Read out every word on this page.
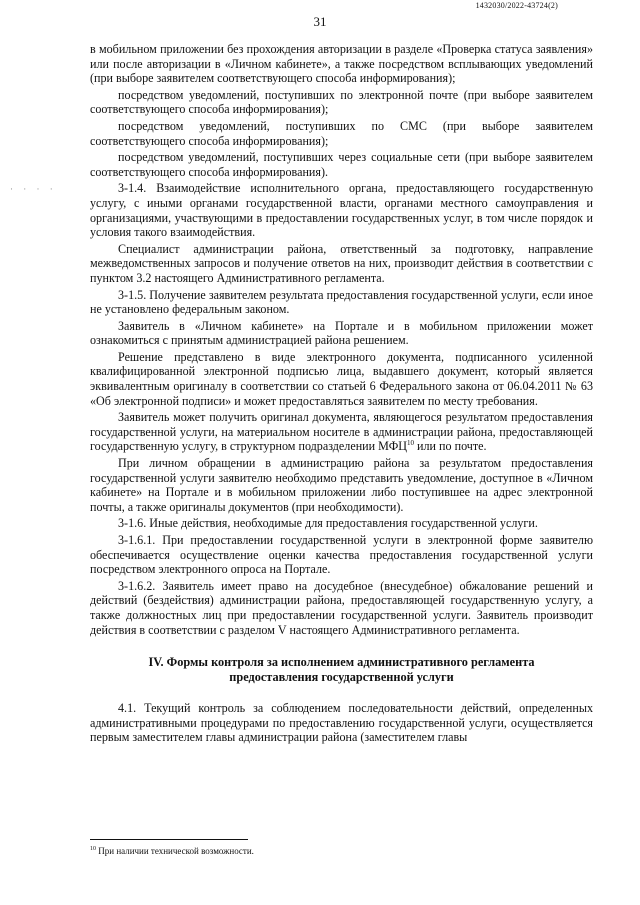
1432030/2022-43724(2)
31
· · · ·

в мобильном приложении без прохождения авторизации в разделе «Проверка статуса заявления» или после авторизации в «Личном кабинете», а также посредством всплывающих уведомлений (при выборе заявителем соответствующего способа информирования);

посредством уведомлений, поступивших по электронной почте (при выборе заявителем соответствующего способа информирования);

посредством уведомлений, поступивших по СМС (при выборе заявителем соответствующего способа информирования);

посредством уведомлений, поступивших через социальные сети (при выборе заявителем соответствующего способа информирования).

3-1.4. Взаимодействие исполнительного органа, предоставляющего государственную услугу, с иными органами государственной власти, органами местного самоуправления и организациями, участвующими в предоставлении государственных услуг, в том числе порядок и условия такого взаимодействия.

Специалист администрации района, ответственный за подготовку, направление межведомственных запросов и получение ответов на них, производит действия в соответствии с пунктом 3.2 настоящего Административного регламента.

3-1.5. Получение заявителем результата предоставления государственной услуги, если иное не установлено федеральным законом.

Заявитель в «Личном кабинете» на Портале и в мобильном приложении может ознакомиться с принятым администрацией района решением.

Решение представлено в виде электронного документа, подписанного усиленной квалифицированной электронной подписью лица, выдавшего документ, который является эквивалентным оригиналу в соответствии со статьей 6 Федерального закона от 06.04.2011 № 63 «Об электронной подписи» и может предоставляться заявителем по месту требования.

Заявитель может получить оригинал документа, являющегося результатом предоставления государственной услуги, на материальном носителе в администрации района, предоставляющей государственную услугу, в структурном подразделении МФЦ$^{10}$ или по почте.

При личном обращении в администрацию района за результатом предоставления государственной услуги заявителю необходимо представить уведомление, доступное в «Личном кабинете» на Портале и в мобильном приложении либо поступившее на адрес электронной почты, а также оригиналы документов (при необходимости).

3-1.6. Иные действия, необходимые для предоставления государственной услуги.

3-1.6.1. При предоставлении государственной услуги в электронной форме заявителю обеспечивается осуществление оценки качества предоставления государственной услуги посредством электронного опроса на Портале.

3-1.6.2. Заявитель имеет право на досудебное (внесудебное) обжалование решений и действий (бездействия) администрации района, предоставляющей государственную услугу, а также должностных лиц при предоставлении государственной услуги. Заявитель производит действия в соответствии с разделом V настоящего Административного регламента.

IV. Формы контроля за исполнением административного регламента
предоставления государственной услуги

4.1. Текущий контроль за соблюдением последовательности действий, определенных административными процедурами по предоставлению государственной услуги, осуществляется первым заместителем главы администрации района (заместителем главы

$^{10}$ При наличии технической возможности.
